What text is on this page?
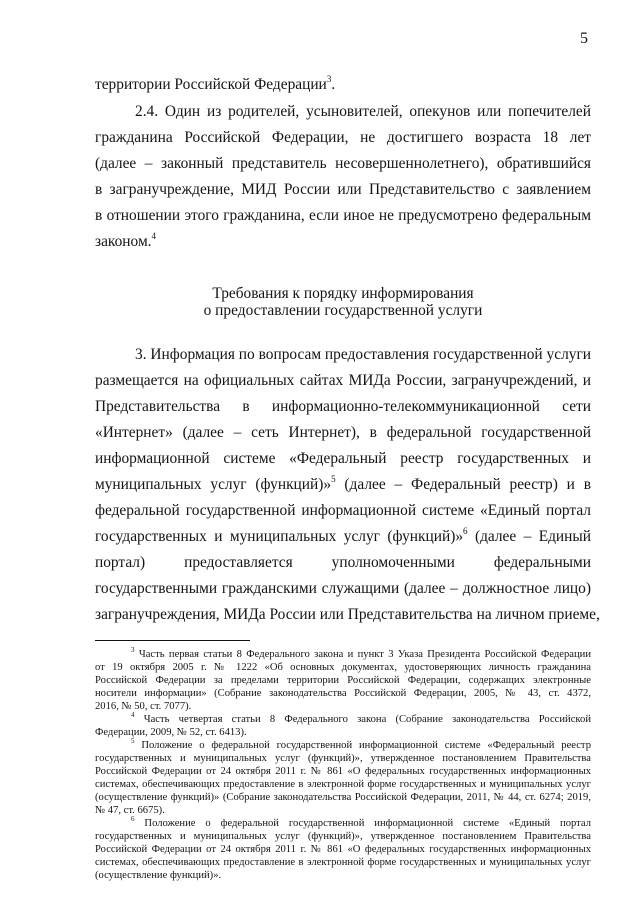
5
территории Российской Федерации$^3$.
2.4. Один из родителей, усыновителей, опекунов или попечителей
гражданина Российской Федерации, не достигшего возраста 18 лет
(далее – законный представитель несовершеннолетнего), обратившийся
в загранучреждение, МИД России или Представительство с заявлением
в отношении этого гражданина, если иное не предусмотрено федеральным
законом.$^4$
Требования к порядку информирования
о предоставлении государственной услуги
3. Информация по вопросам предоставления государственной услуги
размещается на официальных сайтах МИДа России, загранучреждений, и
Представительства в информационно-телекоммуникационной сети
«Интернет» (далее – сеть Интернет), в федеральной государственной
информационной системе «Федеральный реестр государственных и
муниципальных услуг (функций)»$^5$ (далее – Федеральный реестр) и в
федеральной государственной информационной системе «Единый портал
государственных и муниципальных услуг (функций)»$^6$ (далее – Единый
портал) предоставляется уполномоченными федеральными
государственными гражданскими служащими (далее – должностное лицо)
загранучреждения, МИДа России или Представительства на личном приеме,
$^3$ Часть первая статьи 8 Федерального закона и пункт 3 Указа Президента Российской Федерации
от 19 октября 2005 г. № 1222 «Об основных документах, удостоверяющих личность гражданина
Российской Федерации за пределами территории Российской Федерации, содержащих электронные
носители информации» (Собрание законодательства Российской Федерации, 2005, № 43, ст. 4372,
2016, № 50, ст. 7077).
$^4$ Часть четвертая статьи 8 Федерального закона (Собрание законодательства Российской
Федерации, 2009, № 52, ст. 6413).
$^5$ Положение о федеральной государственной информационной системе «Федеральный реестр
государственных и муниципальных услуг (функций)», утвержденное постановлением Правительства
Российской Федерации от 24 октября 2011 г. № 861 «О федеральных государственных информационных
системах, обеспечивающих предоставление в электронной форме государственных и муниципальных услуг
(осуществление функций)» (Собрание законодательства Российской Федерации, 2011, № 44, ст. 6274; 2019,
№ 47, ст. 6675).
$^6$ Положение о федеральной государственной информационной системе «Единый портал
государственных и муниципальных услуг (функций)», утвержденное постановлением Правительства
Российской Федерации от 24 октября 2011 г. № 861 «О федеральных государственных информационных
системах, обеспечивающих предоставление в электронной форме государственных и муниципальных услуг
(осуществление функций)».
